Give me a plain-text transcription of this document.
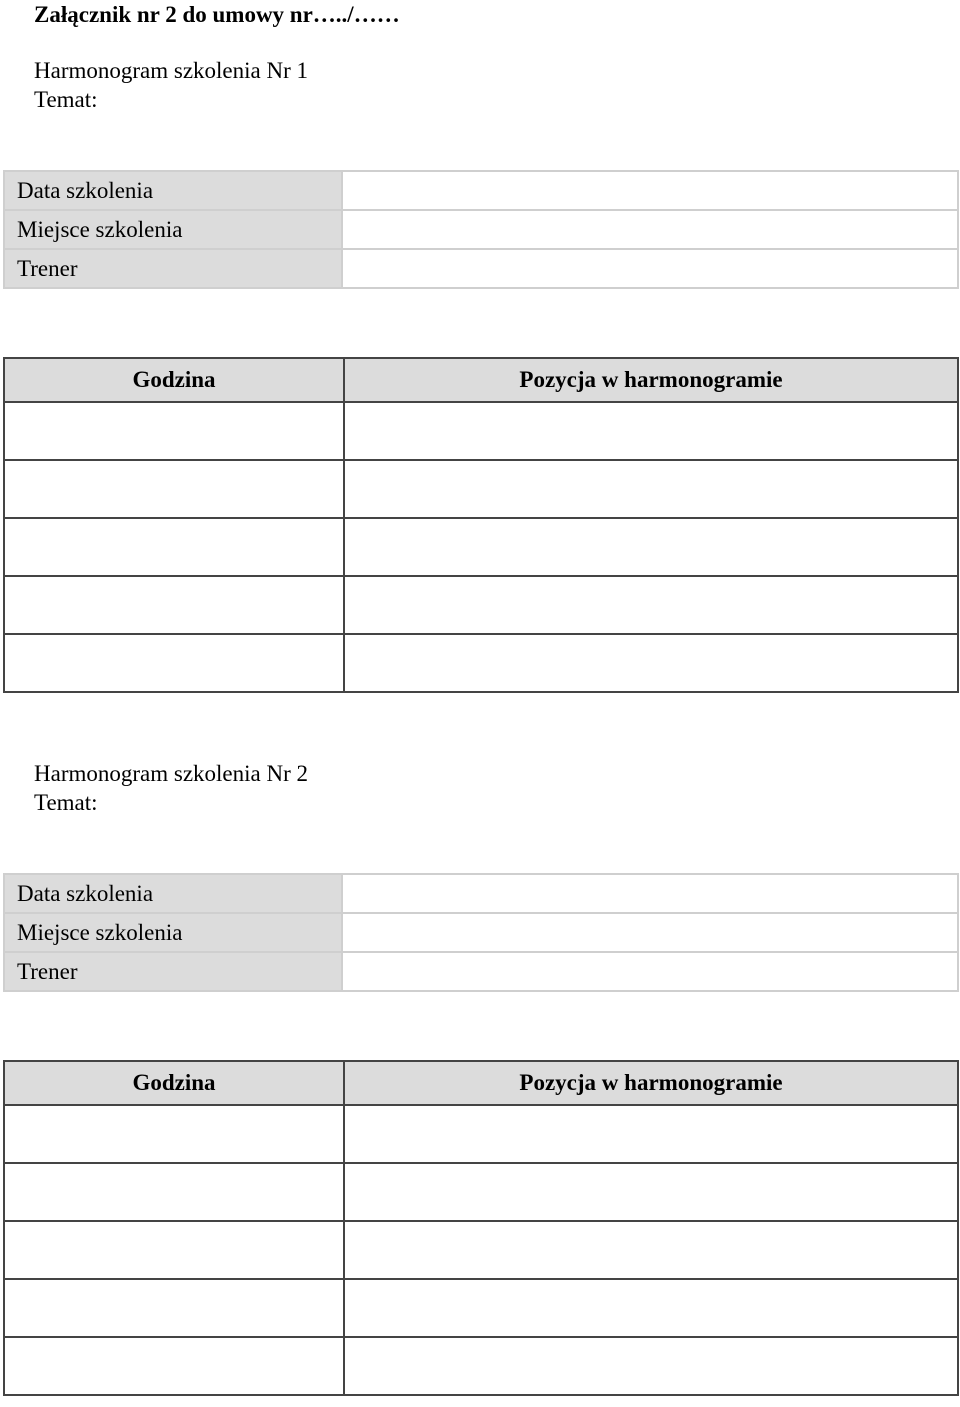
Załącznik nr 2 do umowy nr…../……
Harmonogram szkolenia Nr 1
Temat:
Data szkolenia	
Miejsce szkolenia	
Trener	
Godzina	Pozycja w harmonogramie

Harmonogram szkolenia Nr 2
Temat:
Data szkolenia	
Miejsce szkolenia	
Trener	
Godzina	Pozycja w harmonogramie
